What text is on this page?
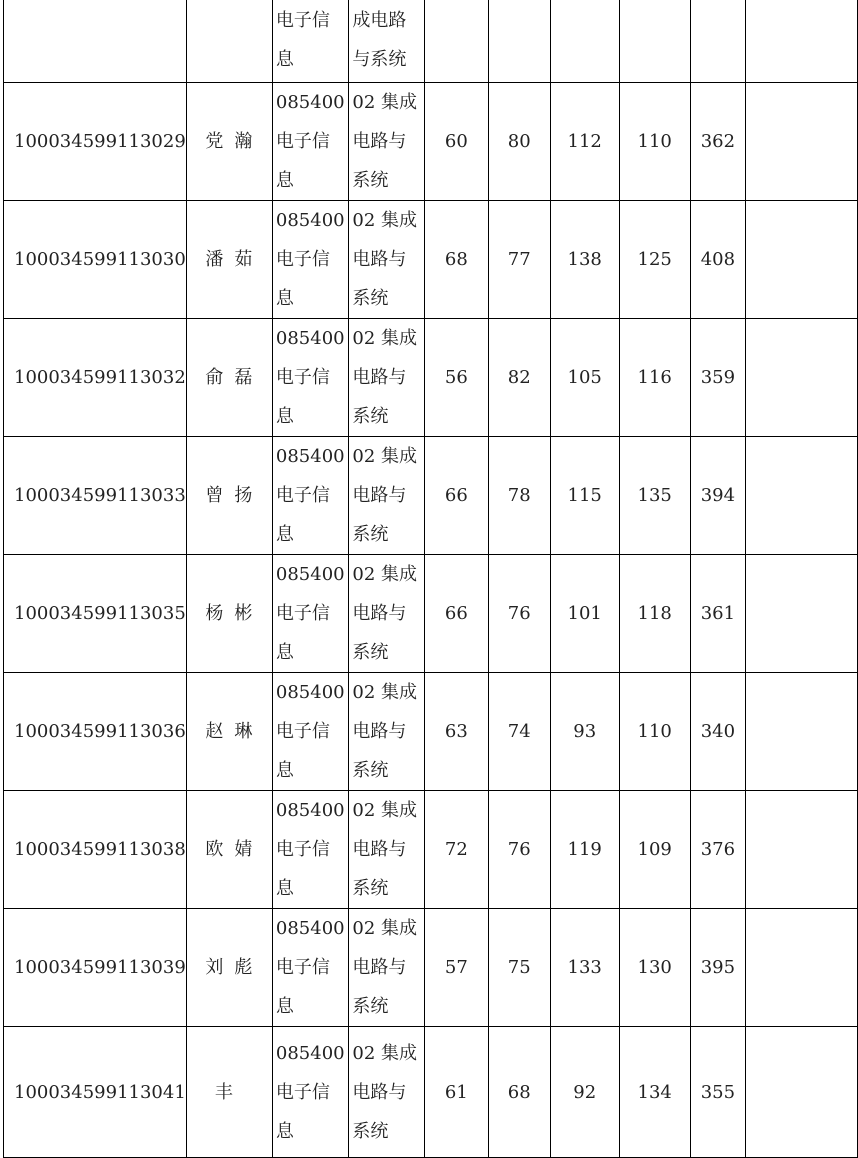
		电子信息	成电路与系统						
100034599113029	党 瀚	085400电子信息	02 集成电路与系统	60	80	112	110	362	
100034599113030	潘 茹	085400电子信息	02 集成电路与系统	68	77	138	125	408	
100034599113032	俞 磊	085400电子信息	02 集成电路与系统	56	82	105	116	359	
100034599113033	曾 扬	085400电子信息	02 集成电路与系统	66	78	115	135	394	
100034599113035	杨 彬	085400电子信息	02 集成电路与系统	66	76	101	118	361	
100034599113036	赵 琳	085400电子信息	02 集成电路与系统	63	74	93	110	340	
100034599113038	欧 婧	085400电子信息	02 集成电路与系统	72	76	119	109	376	
100034599113039	刘 彪	085400电子信息	02 集成电路与系统	57	75	133	130	395	
100034599113041	丰	085400电子信息	02 集成电路与系统	61	68	92	134	355	
